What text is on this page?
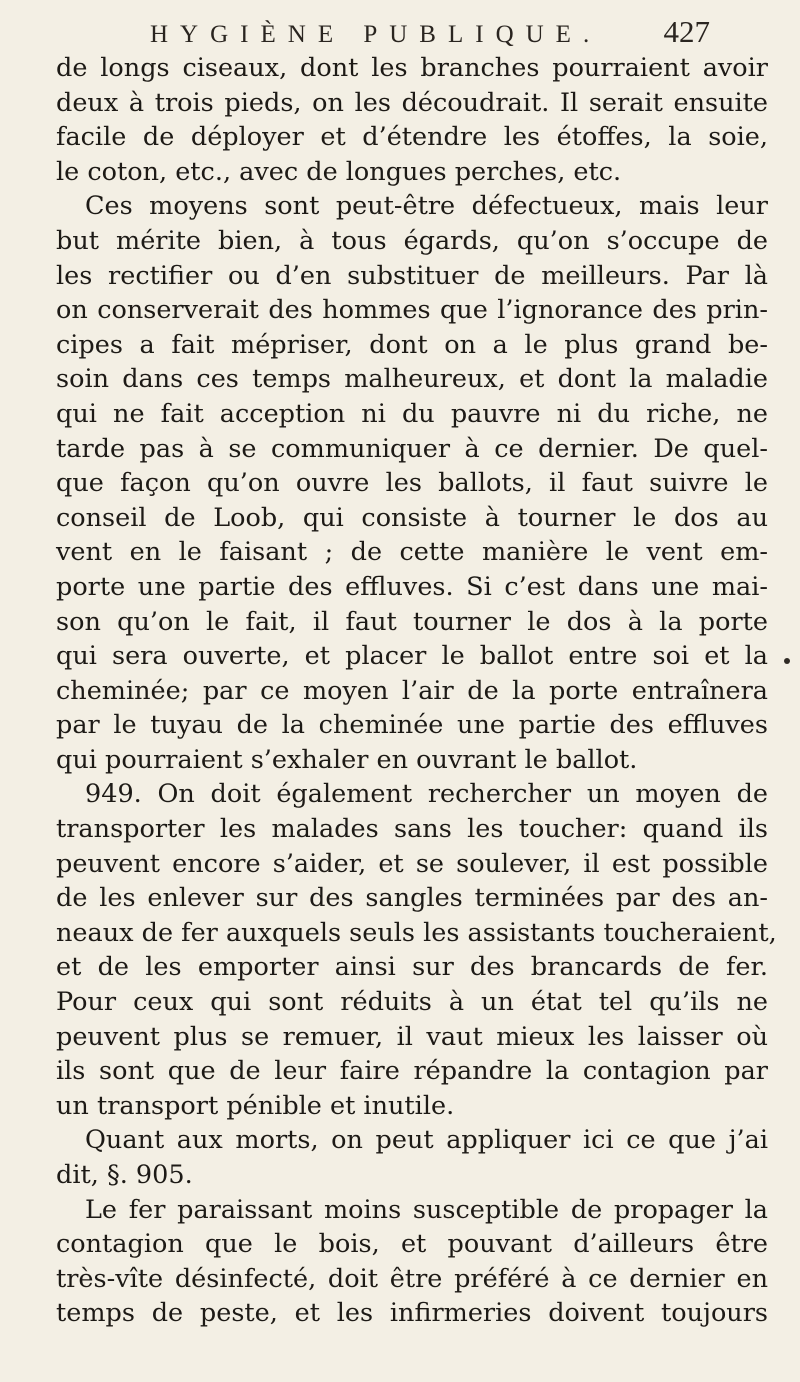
HYGIÈNE PUBLIQUE. 427
de longs ciseaux, dont les branches pourraient avoir
deux à trois pieds, on les découdrait. Il serait ensuite
facile de déployer et d’étendre les étoffes, la soie,
le coton, etc., avec de longues perches, etc.
Ces moyens sont peut-être défectueux, mais leur
but mérite bien, à tous égards, qu’on s’occupe de
les rectifier ou d’en substituer de meilleurs. Par là
on conserverait des hommes que l’ignorance des prin-
cipes a fait mépriser, dont on a le plus grand be-
soin dans ces temps malheureux, et dont la maladie
qui ne fait acception ni du pauvre ni du riche, ne
tarde pas à se communiquer à ce dernier. De quel-
que façon qu’on ouvre les ballots, il faut suivre le
conseil de Loob, qui consiste à tourner le dos au
vent en le faisant ; de cette manière le vent em-
porte une partie des effluves. Si c’est dans une mai-
son qu’on le fait, il faut tourner le dos à la porte
qui sera ouverte, et placer le ballot entre soi et la
cheminée; par ce moyen l’air de la porte entraînera
par le tuyau de la cheminée une partie des effluves
qui pourraient s’exhaler en ouvrant le ballot.
949. On doit également rechercher un moyen de
transporter les malades sans les toucher: quand ils
peuvent encore s’aider, et se soulever, il est possible
de les enlever sur des sangles terminées par des an-
neaux de fer auxquels seuls les assistants toucheraient,
et de les emporter ainsi sur des brancards de fer.
Pour ceux qui sont réduits à un état tel qu’ils ne
peuvent plus se remuer, il vaut mieux les laisser où
ils sont que de leur faire répandre la contagion par
un transport pénible et inutile.
Quant aux morts, on peut appliquer ici ce que j’ai
dit, §. 905.
Le fer paraissant moins susceptible de propager la
contagion que le bois, et pouvant d’ailleurs être
très-vîte désinfecté, doit être préféré à ce dernier en
temps de peste, et les infirmeries doivent toujours
